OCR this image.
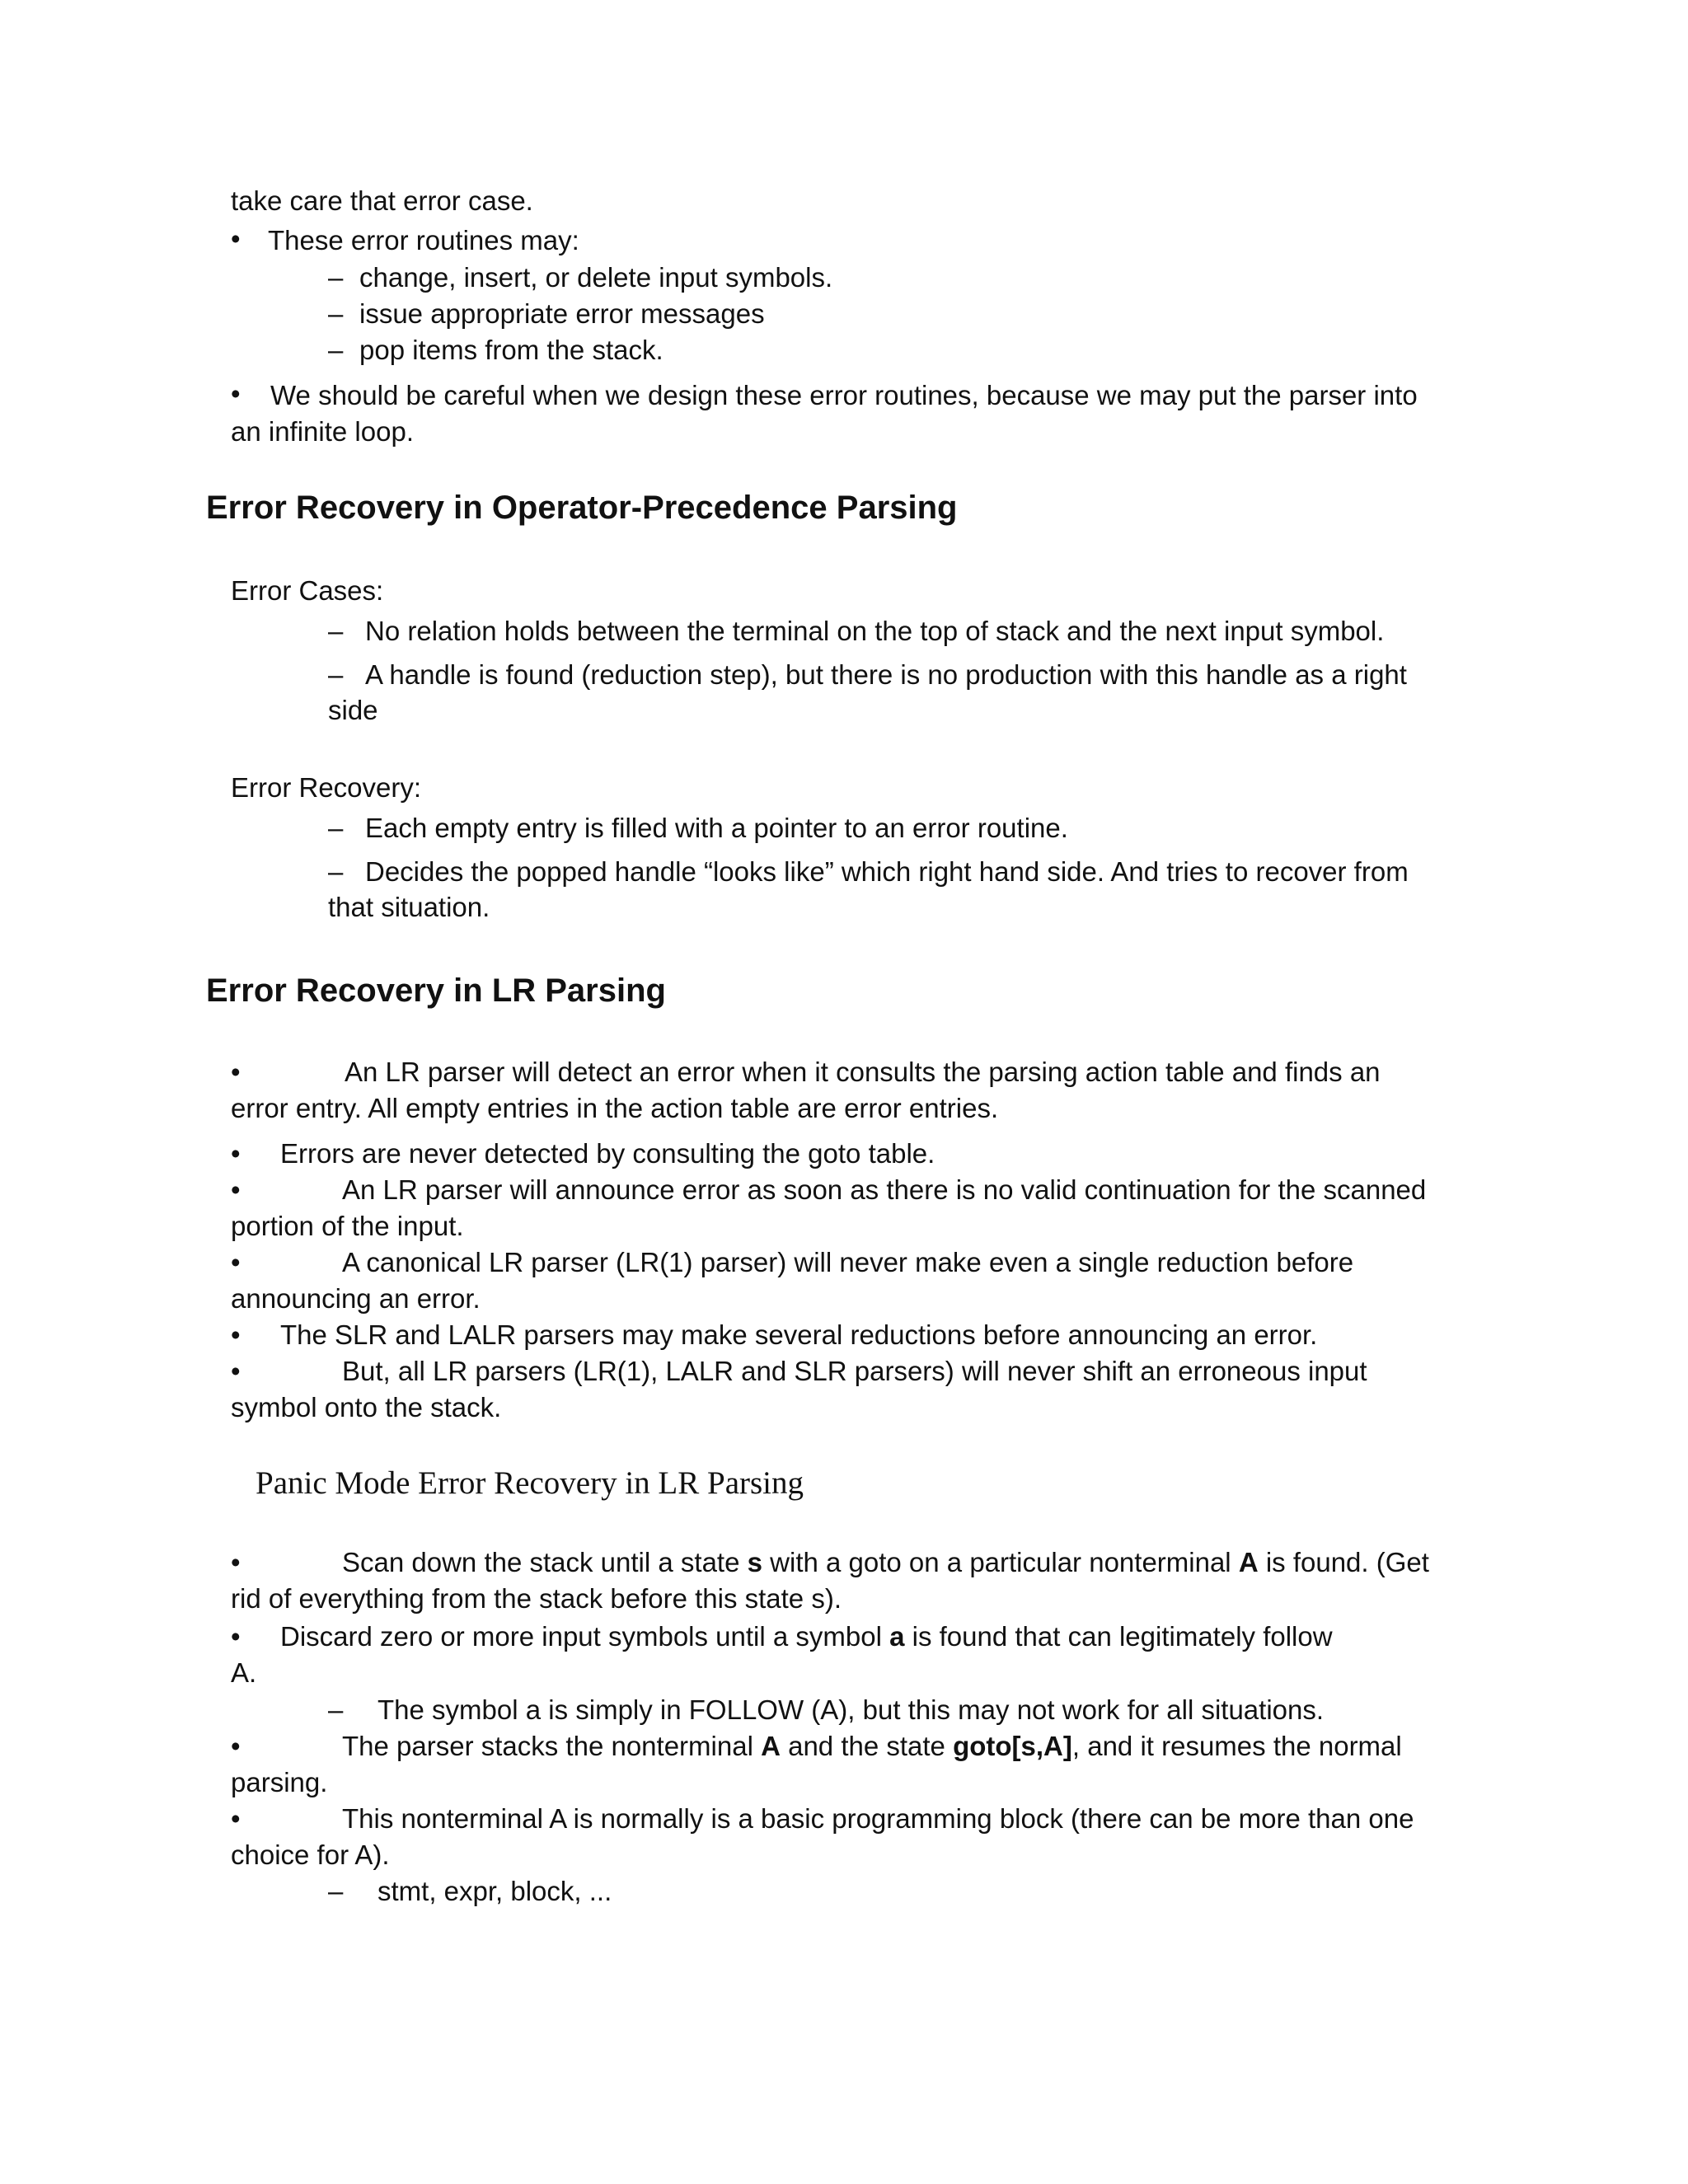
take care that error case.
• These error routines may:
– change, insert, or delete input symbols.
– issue appropriate error messages
– pop items from the stack.
• We should be careful when we design these error routines, because we may put the parser into
an infinite loop.
Error Recovery in Operator-Precedence Parsing
Error Cases:
– No relation holds between the terminal on the top of stack and the next input symbol.
– A handle is found (reduction step), but there is no production with this handle as a right
side
Error Recovery:
– Each empty entry is filled with a pointer to an error routine.
– Decides the popped handle “looks like” which right hand side. And tries to recover from
that situation.
Error Recovery in LR Parsing
•	An LR parser will detect an error when it consults the parsing action table and finds an
error entry. All empty entries in the action table are error entries.
• Errors are never detected by consulting the goto table.
•	An LR parser will announce error as soon as there is no valid continuation for the scanned
portion of the input.
•	A canonical LR parser (LR(1) parser) will never make even a single reduction before
announcing an error.
• The SLR and LALR parsers may make several reductions before announcing an error.
•	But, all LR parsers (LR(1), LALR and SLR parsers) will never shift an erroneous input
symbol onto the stack.
Panic Mode Error Recovery in LR Parsing
•	Scan down the stack until a state s with a goto on a particular nonterminal A is found. (Get
rid of everything from the stack before this state s).
• Discard zero or more input symbols until a symbol a is found that can legitimately follow
A.
– The symbol a is simply in FOLLOW (A), but this may not work for all situations.
•	The parser stacks the nonterminal A and the state goto[s,A], and it resumes the normal
parsing.
•	This nonterminal A is normally is a basic programming block (there can be more than one
choice for A).
– stmt, expr, block, ...
